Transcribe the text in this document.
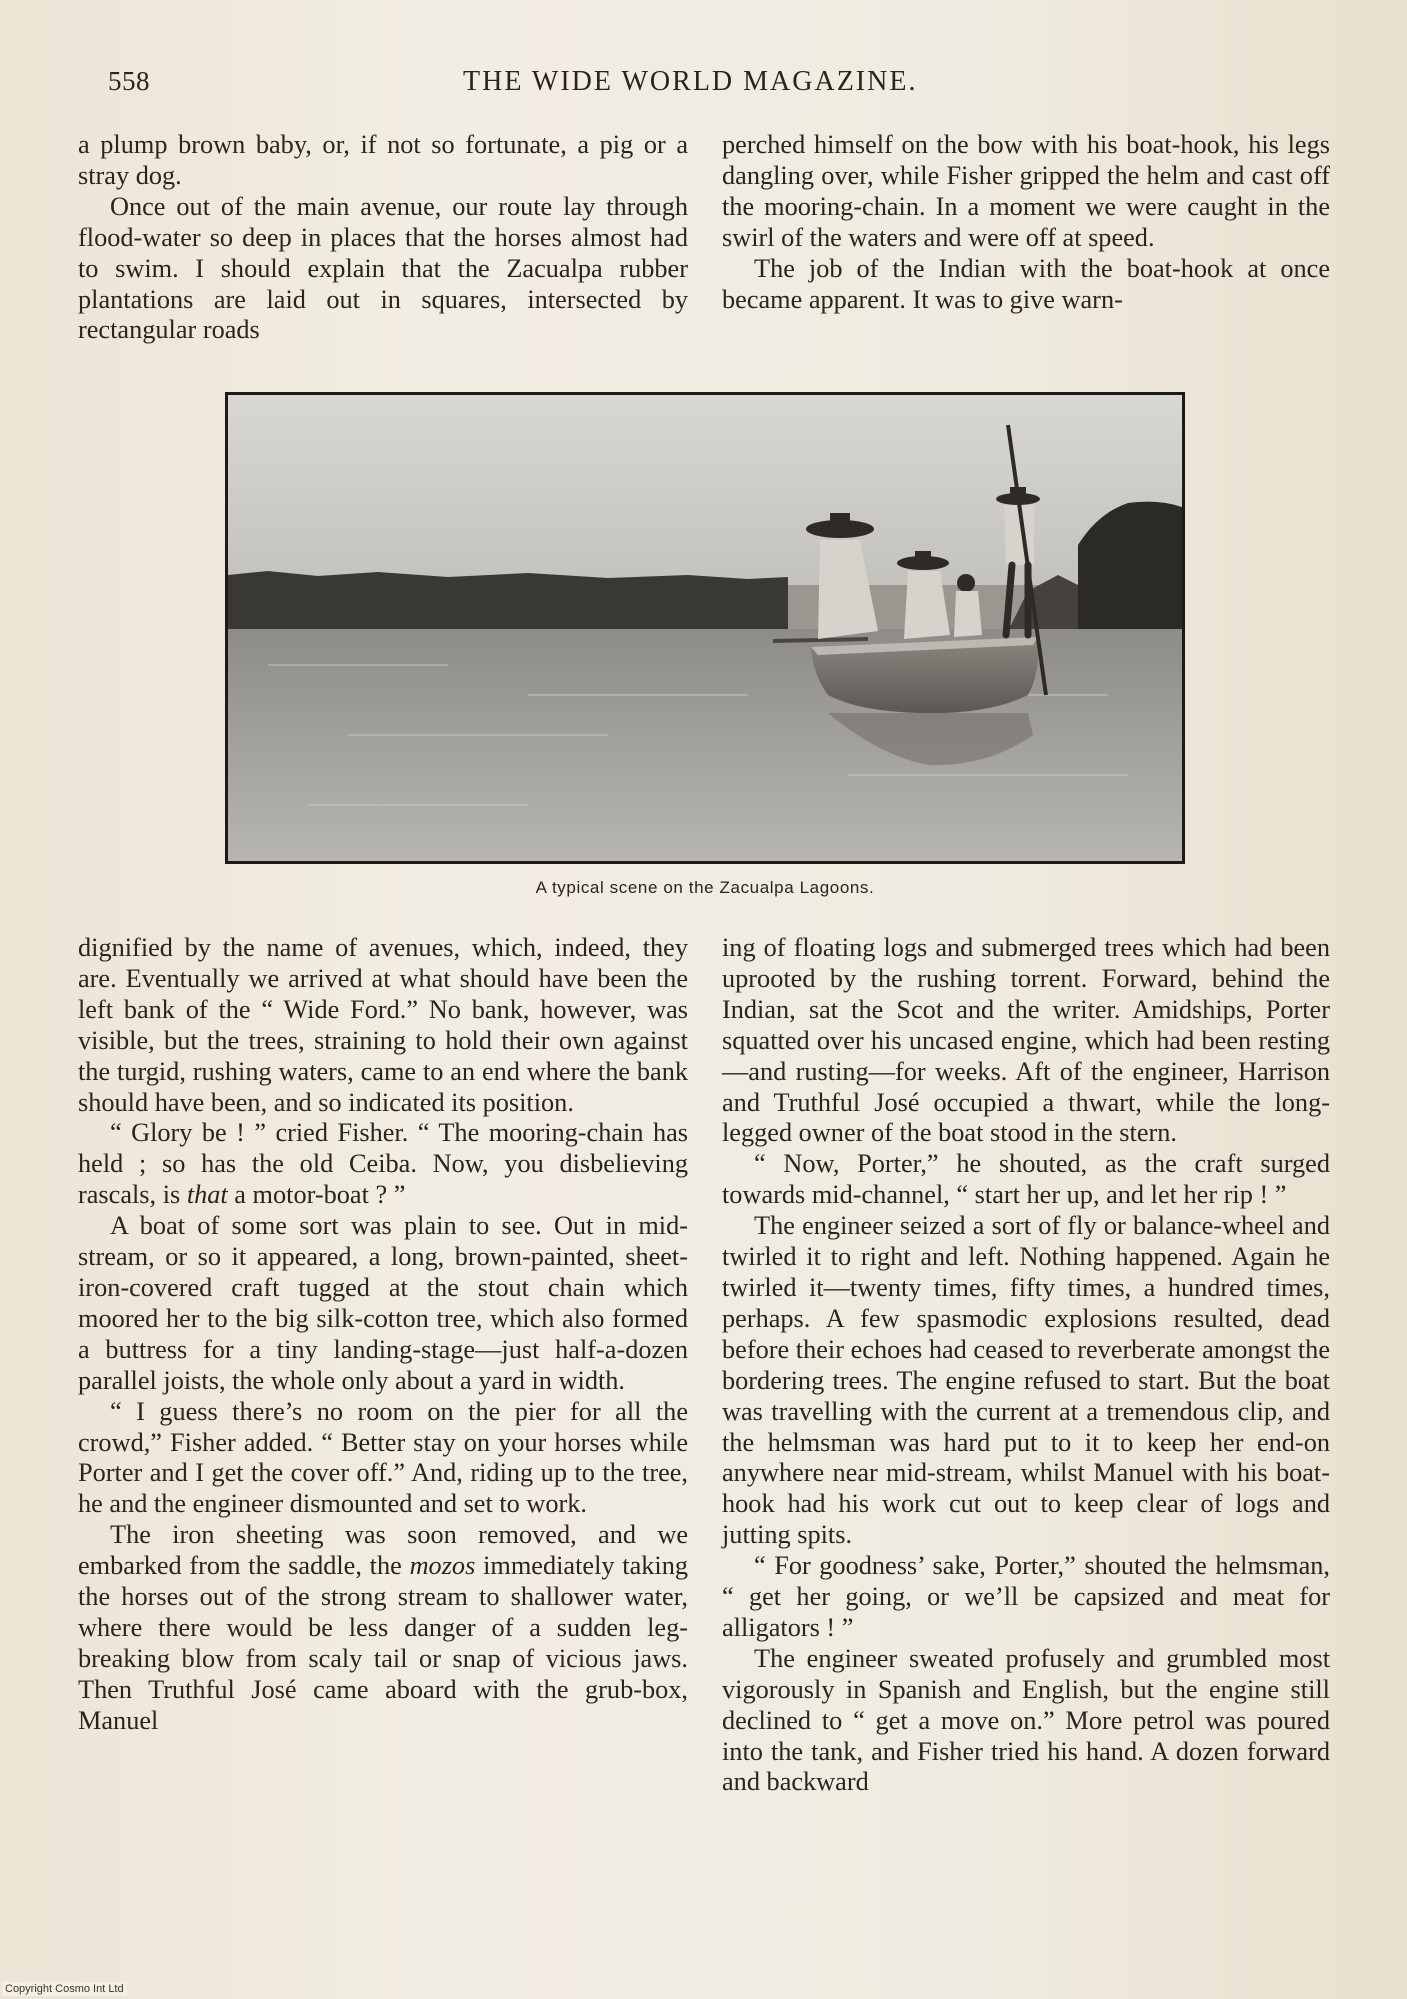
558	THE WIDE WORLD MAGAZINE.

a plump brown baby, or, if not so fortunate, a pig or a stray dog.

Once out of the main avenue, our route lay through flood-water so deep in places that the horses almost had to swim. I should explain that the Zacualpa rubber plantations are laid out in squares, intersected by rectangular roads

perched himself on the bow with his boat-hook, his legs dangling over, while Fisher gripped the helm and cast off the mooring-chain. In a moment we were caught in the swirl of the waters and were off at speed.

The job of the Indian with the boat-hook at once became apparent. It was to give warn-

A typical scene on the Zacualpa Lagoons.

dignified by the name of avenues, which, indeed, they are. Eventually we arrived at what should have been the left bank of the “ Wide Ford.” No bank, however, was visible, but the trees, straining to hold their own against the turgid, rushing waters, came to an end where the bank should have been, and so indicated its position.

“ Glory be ! ” cried Fisher. “ The mooring-chain has held ; so has the old Ceiba. Now, you disbelieving rascals, is that a motor-boat ? ”

A boat of some sort was plain to see. Out in mid-stream, or so it appeared, a long, brown-painted, sheet-iron-covered craft tugged at the stout chain which moored her to the big silk-cotton tree, which also formed a buttress for a tiny landing-stage—just half-a-dozen parallel joists, the whole only about a yard in width.

“ I guess there’s no room on the pier for all the crowd,” Fisher added. “ Better stay on your horses while Porter and I get the cover off.” And, riding up to the tree, he and the engineer dismounted and set to work.

The iron sheeting was soon removed, and we embarked from the saddle, the mozos immediately taking the horses out of the strong stream to shallower water, where there would be less danger of a sudden leg-breaking blow from scaly tail or snap of vicious jaws. Then Truthful José came aboard with the grub-box, Manuel

ing of floating logs and submerged trees which had been uprooted by the rushing torrent. Forward, behind the Indian, sat the Scot and the writer. Amidships, Porter squatted over his uncased engine, which had been resting—and rusting—for weeks. Aft of the engineer, Harrison and Truthful José occupied a thwart, while the long-legged owner of the boat stood in the stern.

“ Now, Porter,” he shouted, as the craft surged towards mid-channel, “ start her up, and let her rip ! ”

The engineer seized a sort of fly or balance-wheel and twirled it to right and left. Nothing happened. Again he twirled it—twenty times, fifty times, a hundred times, perhaps. A few spasmodic explosions resulted, dead before their echoes had ceased to reverberate amongst the bordering trees. The engine refused to start. But the boat was travelling with the current at a tremendous clip, and the helmsman was hard put to it to keep her end-on anywhere near mid-stream, whilst Manuel with his boat-hook had his work cut out to keep clear of logs and jutting spits.

“ For goodness’ sake, Porter,” shouted the helmsman, “ get her going, or we’ll be capsized and meat for alligators ! ”

The engineer sweated profusely and grumbled most vigorously in Spanish and English, but the engine still declined to “ get a move on.” More petrol was poured into the tank, and Fisher tried his hand. A dozen forward and backward

Copyright Cosmo Int Ltd
